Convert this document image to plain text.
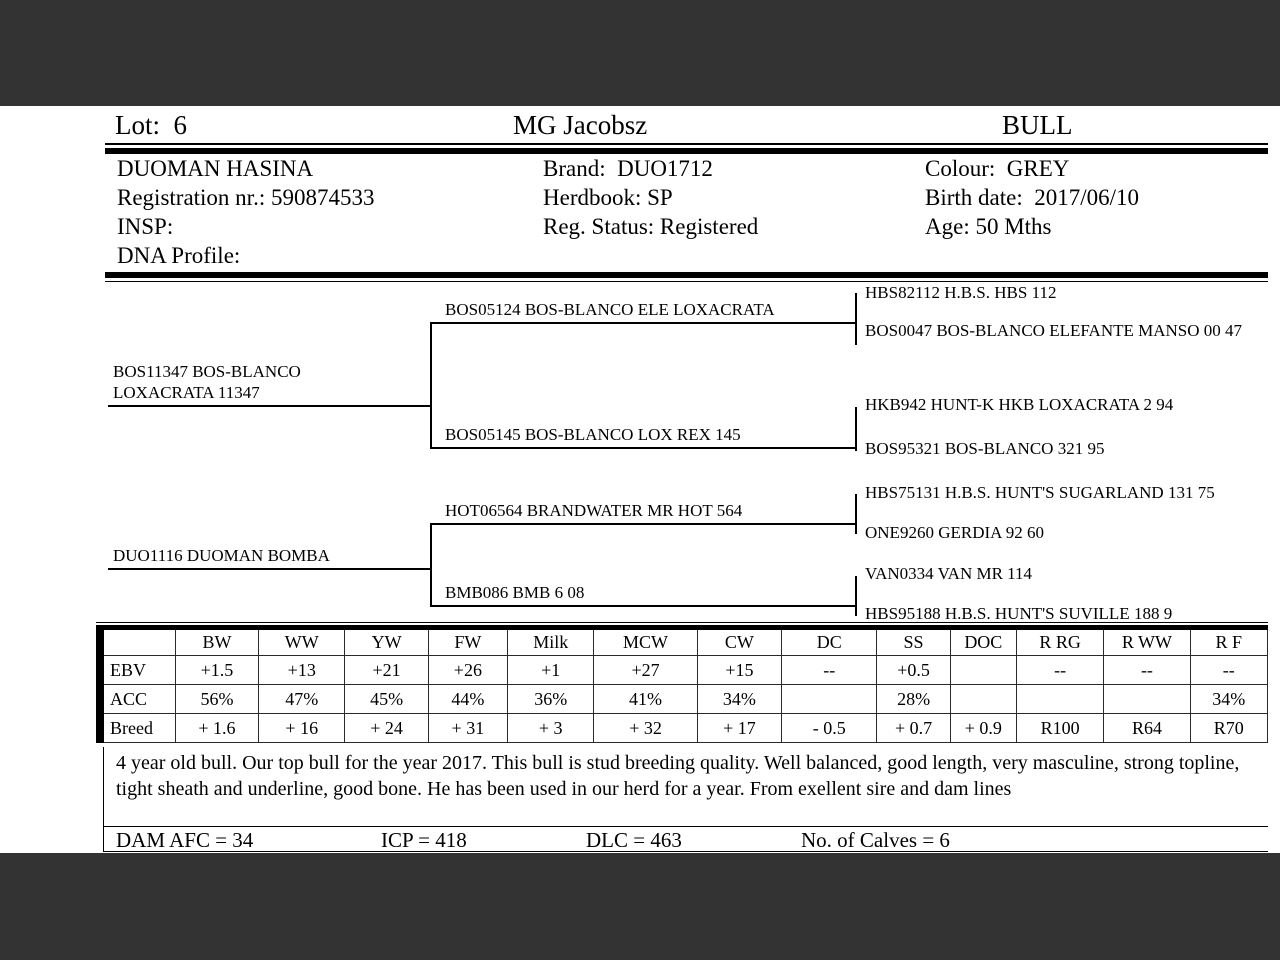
Lot:  6	MG Jacobsz	BULL
DUOMAN HASINA
Registration nr.: 590874533
INSP:
DNA Profile:
Brand:  DUO1712
Herdbook: SP
Reg. Status: Registered
Colour:  GREY
Birth date:  2017/06/10
Age: 50 Mths
BOS11347 BOS-BLANCO LOXACRATA 11347
DUO1116 DUOMAN BOMBA
BOS05124 BOS-BLANCO ELE LOXACRATA
BOS05145 BOS-BLANCO LOX REX 145
HOT06564 BRANDWATER MR HOT 564
BMB086 BMB 6 08
HBS82112 H.B.S. HBS 112
BOS0047 BOS-BLANCO ELEFANTE MANSO 00 47
HKB942 HUNT-K HKB LOXACRATA 2 94
BOS95321 BOS-BLANCO 321 95
HBS75131 H.B.S. HUNT'S SUGARLAND 131 75
ONE9260 GERDIA 92 60
VAN0334 VAN MR 114
HBS95188 H.B.S. HUNT'S SUVILLE 188 9
	BW	WW	YW	FW	Milk	MCW	CW	DC	SS	DOC	R RG	R WW	R F
EBV	+1.5	+13	+21	+26	+1	+27	+15	--	+0.5		--	--	--
ACC	56%	47%	45%	44%	36%	41%	34%		28%				34%
Breed	+ 1.6	+ 16	+ 24	+ 31	+ 3	+ 32	+ 17	- 0.5	+ 0.7	+ 0.9	R100	R64	R70
4 year old bull. Our top bull for the year 2017. This bull is stud breeding quality. Well balanced, good length, very masculine, strong topline, tight sheath and underline, good bone. He has been used in our herd for a year. From exellent sire and dam lines
DAM AFC = 34	ICP = 418	DLC = 463	No. of Calves = 6
